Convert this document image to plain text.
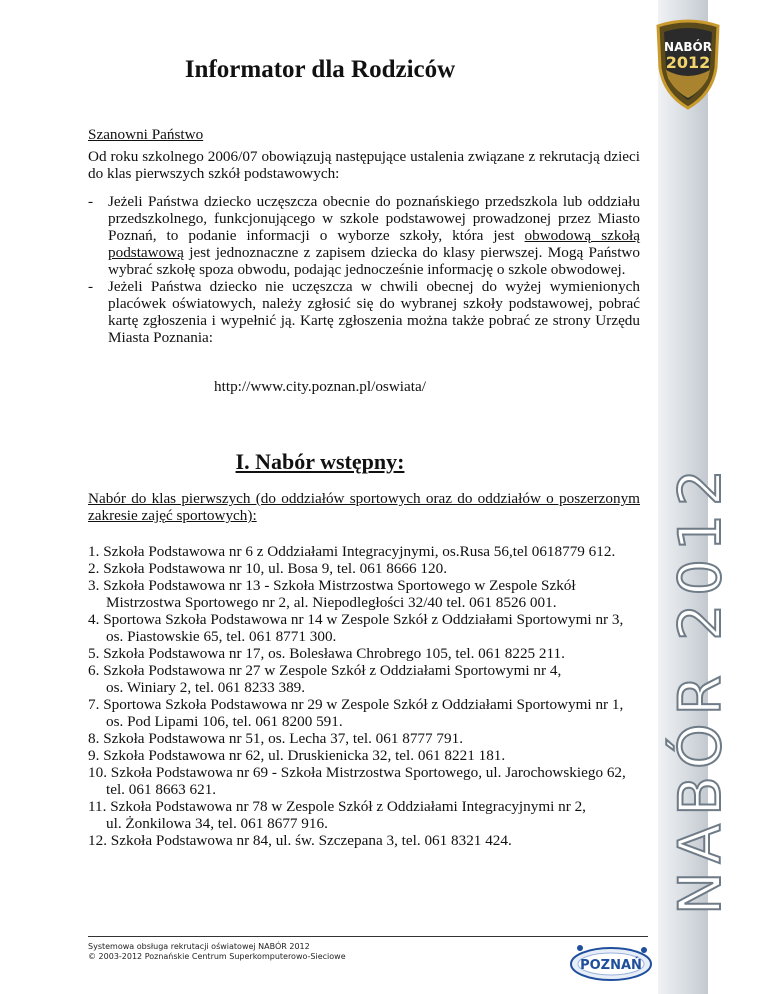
NABÓR 2012
NABÓR
2012
Informator dla Rodziców
Szanowni Państwo
Od roku szkolnego 2006/07 obowiązują następujące ustalenia związane z rekrutacją dzieci do klas pierwszych szkół podstawowych:
- Jeżeli Państwa dziecko uczęszcza obecnie do poznańskiego przedszkola lub oddziału przedszkolnego, funkcjonującego w szkole podstawowej prowadzonej przez Miasto Poznań, to podanie informacji o wyborze szkoły, która jest obwodową szkołą podstawową jest jednoznaczne z zapisem dziecka do klasy pierwszej. Mogą Państwo wybrać szkołę spoza obwodu, podając jednocześnie informację o szkole obwodowej.
- Jeżeli Państwa dziecko nie uczęszcza w chwili obecnej do wyżej wymienionych placówek oświatowych, należy zgłosić się do wybranej szkoły podstawowej, pobrać kartę zgłoszenia i wypełnić ją. Kartę zgłoszenia można także pobrać ze strony Urzędu Miasta Poznania:
http://www.city.poznan.pl/oswiata/
I. Nabór wstępny:
Nabór do klas pierwszych (do oddziałów sportowych oraz do oddziałów o poszerzonym zakresie zajęć sportowych):
1. Szkoła Podstawowa nr 6 z Oddziałami Integracyjnymi, os.Rusa 56,tel 0618779 612.
2. Szkoła Podstawowa nr 10, ul. Bosa 9, tel. 061 8666 120.
3. Szkoła Podstawowa nr 13 - Szkoła Mistrzostwa Sportowego w Zespole Szkół
Mistrzostwa Sportowego nr 2, al. Niepodległości 32/40 tel. 061 8526 001.
4. Sportowa Szkoła Podstawowa nr 14 w Zespole Szkół z Oddziałami Sportowymi nr 3,
os. Piastowskie 65, tel. 061 8771 300.
5. Szkoła Podstawowa nr 17, os. Bolesława Chrobrego 105, tel. 061 8225 211.
6. Szkoła Podstawowa nr 27 w Zespole Szkół z Oddziałami Sportowymi nr 4,
os. Winiary 2, tel. 061 8233 389.
7. Sportowa Szkoła Podstawowa nr 29 w Zespole Szkół z Oddziałami Sportowymi nr 1,
os. Pod Lipami 106, tel. 061 8200 591.
8. Szkoła Podstawowa nr 51, os. Lecha 37, tel. 061 8777 791.
9. Szkoła Podstawowa nr 62, ul. Druskienicka 32, tel. 061 8221 181.
10. Szkoła Podstawowa nr 69 - Szkoła Mistrzostwa Sportowego, ul. Jarochowskiego 62,
tel. 061 8663 621.
11. Szkoła Podstawowa nr 78 w Zespole Szkół z Oddziałami Integracyjnymi nr 2,
ul. Żonkilowa 34, tel. 061 8677 916.
12. Szkoła Podstawowa nr 84, ul. św. Szczepana 3, tel. 061 8321 424.
Systemowa obsługa rekrutacji oświatowej NABÓR 2012
© 2003-2012 Poznańskie Centrum Superkomputerowo-Sieciowe
POZNAŃ
